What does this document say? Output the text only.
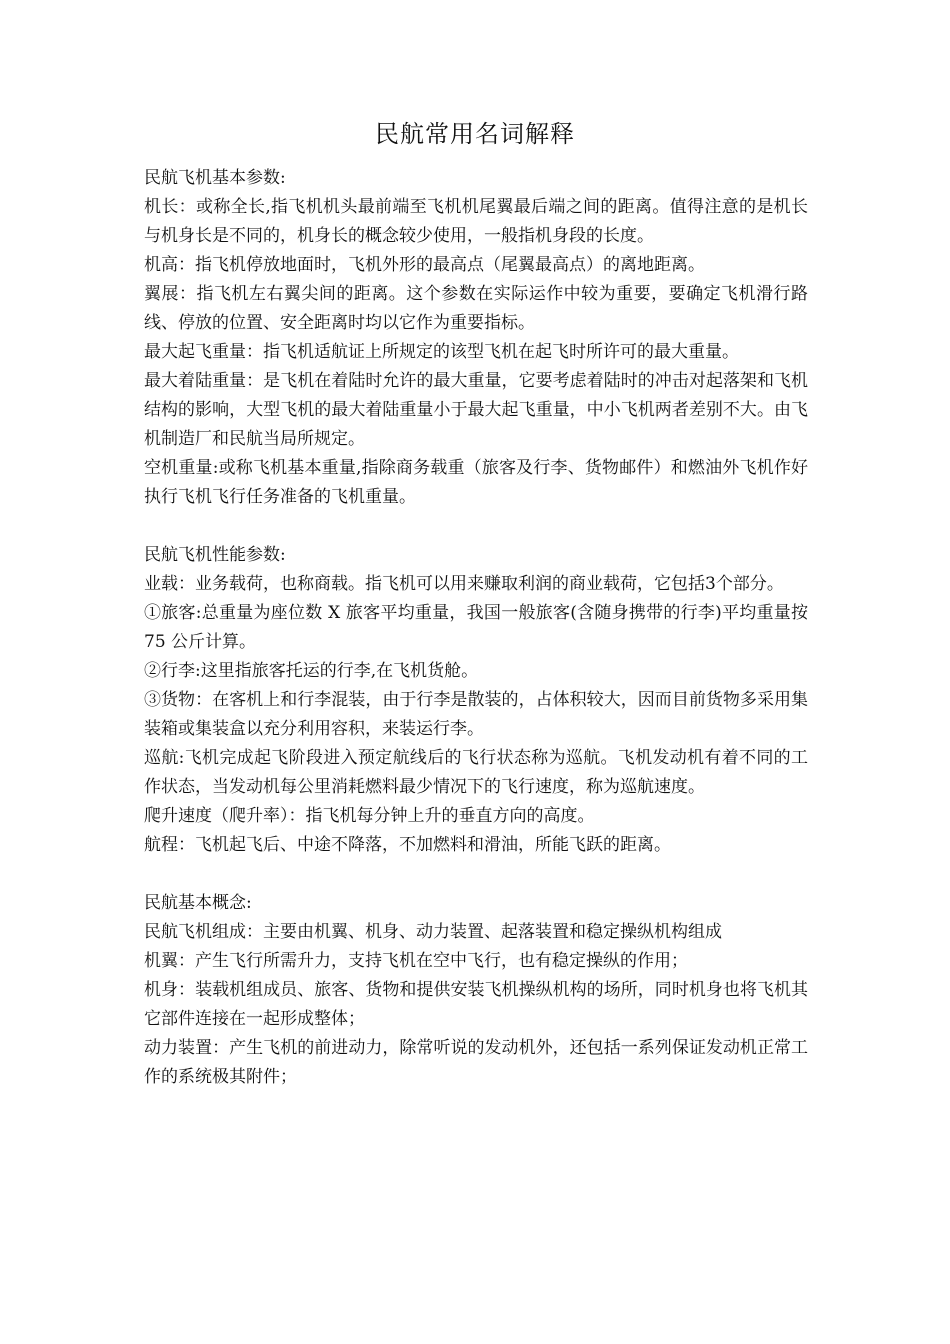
民航常用名词解释

民航飞机基本参数:

机长：或称全长,指飞机机头最前端至飞机机尾翼最后端之间的距离。值得注意的是机长与机身长是不同的，机身长的概念较少使用，一般指机身段的长度。

机高：指飞机停放地面时，飞机外形的最高点（尾翼最高点）的离地距离。

翼展：指飞机左右翼尖间的距离。这个参数在实际运作中较为重要，要确定飞机滑行路线、停放的位置、安全距离时均以它作为重要指标。

最大起飞重量：指飞机适航证上所规定的该型飞机在起飞时所许可的最大重量。

最大着陆重量：是飞机在着陆时允许的最大重量，它要考虑着陆时的冲击对起落架和飞机结构的影响，大型飞机的最大着陆重量小于最大起飞重量，中小飞机两者差别不大。由飞机制造厂和民航当局所规定。

空机重量:或称飞机基本重量,指除商务载重（旅客及行李、货物邮件）和燃油外飞机作好执行飞机飞行任务准备的飞机重量。

民航飞机性能参数:

业载：业务载荷，也称商载。指飞机可以用来赚取利润的商业载荷，它包括3个部分。

①旅客:总重量为座位数 X 旅客平均重量，我国一般旅客(含随身携带的行李)平均重量按 75 公斤计算。

②行李:这里指旅客托运的行李,在飞机货舱。

③货物：在客机上和行李混装，由于行李是散装的，占体积较大，因而目前货物多采用集装箱或集装盒以充分利用容积，来装运行李。

巡航:飞机完成起飞阶段进入预定航线后的飞行状态称为巡航。飞机发动机有着不同的工作状态，当发动机每公里消耗燃料最少情况下的飞行速度，称为巡航速度。

爬升速度（爬升率）：指飞机每分钟上升的垂直方向的高度。

航程：飞机起飞后、中途不降落，不加燃料和滑油，所能飞跃的距离。

民航基本概念:

民航飞机组成：主要由机翼、机身、动力装置、起落装置和稳定操纵机构组成

机翼：产生飞行所需升力，支持飞机在空中飞行，也有稳定操纵的作用；

机身：装载机组成员、旅客、货物和提供安装飞机操纵机构的场所，同时机身也将飞机其它部件连接在一起形成整体；

动力装置：产生飞机的前进动力，除常听说的发动机外，还包括一系列保证发动机正常工作的系统极其附件；
